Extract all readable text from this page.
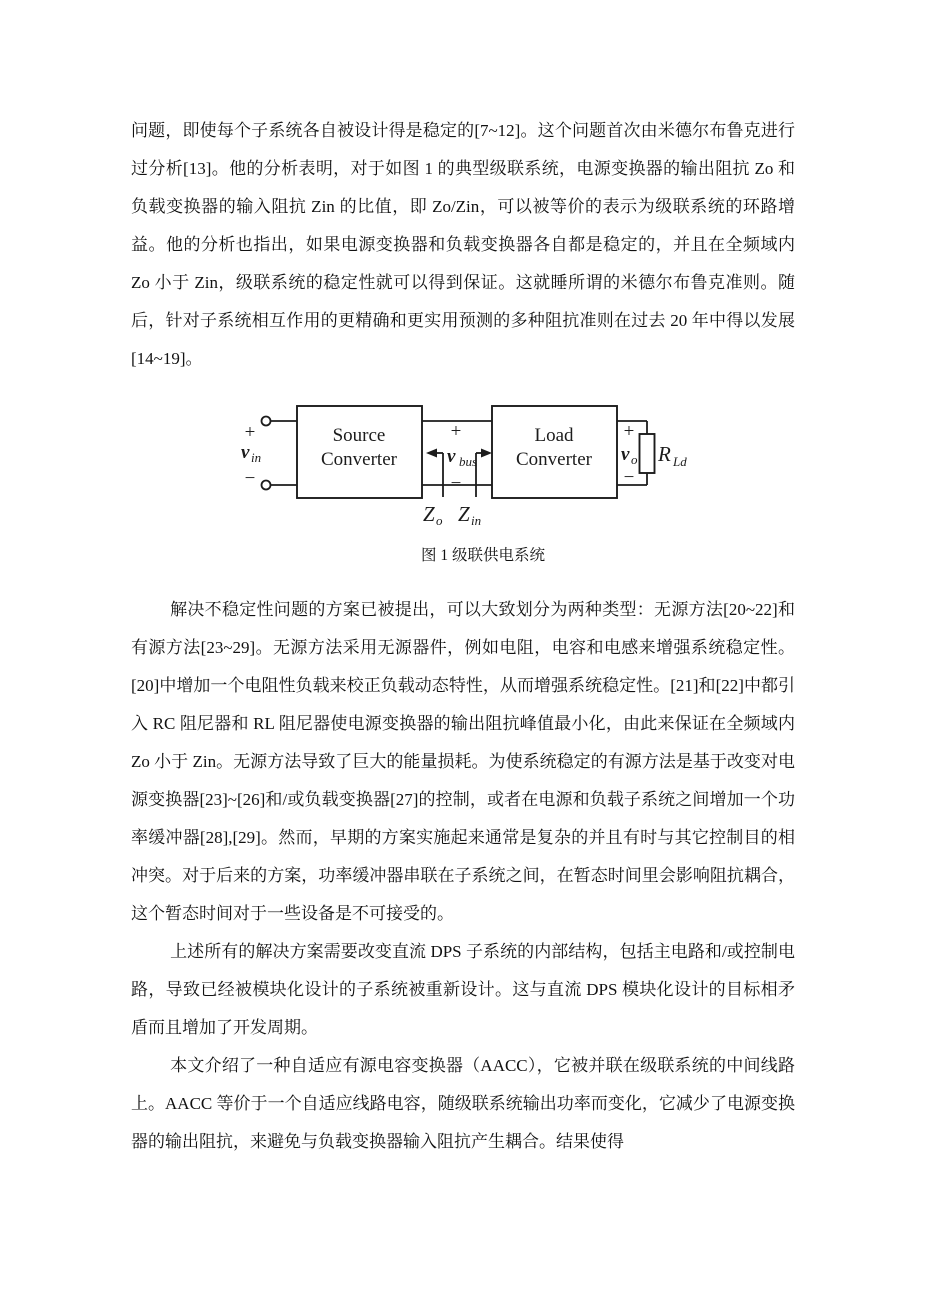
问题，即使每个子系统各自被设计得是稳定的[7~12]。这个问题首次由米德尔布鲁克进行过分析[13]。他的分析表明，对于如图 1 的典型级联系统，电源变换器的输出阻抗 Zo 和负载变换器的输入阻抗 Zin 的比值，即 Zo/Zin，可以被等价的表示为级联系统的环路增益。他的分析也指出，如果电源变换器和负载变换器各自都是稳定的，并且在全频域内 Zo 小于 Zin，级联系统的稳定性就可以得到保证。这就睡所谓的米德尔布鲁克准则。随后，针对子系统相互作用的更精确和更实用预测的多种阻抗准则在过去 20 年中得以发展[14~19]。

+
−
v in
Source
Converter
+
−
v bus
Z o Z in
Load
Converter
+
−
v o R Ld
图 1 级联供电系统

解决不稳定性问题的方案已被提出，可以大致划分为两种类型：无源方法[20~22]和有源方法[23~29]。无源方法采用无源器件，例如电阻，电容和电感来增强系统稳定性。[20]中增加一个电阻性负载来校正负载动态特性，从而增强系统稳定性。[21]和[22]中都引入 RC 阻尼器和 RL 阻尼器使电源变换器的输出阻抗峰值最小化，由此来保证在全频域内 Zo 小于 Zin。无源方法导致了巨大的能量损耗。为使系统稳定的有源方法是基于改变对电源变换器[23]~[26]和/或负载变换器[27]的控制，或者在电源和负载子系统之间增加一个功率缓冲器[28],[29]。然而，早期的方案实施起来通常是复杂的并且有时与其它控制目的相冲突。对于后来的方案，功率缓冲器串联在子系统之间，在暂态时间里会影响阻抗耦合，这个暂态时间对于一些设备是不可接受的。

上述所有的解决方案需要改变直流 DPS 子系统的内部结构，包括主电路和/或控制电路，导致已经被模块化设计的子系统被重新设计。这与直流 DPS 模块化设计的目标相矛盾而且增加了开发周期。

本文介绍了一种自适应有源电容变换器（AACC），它被并联在级联系统的中间线路上。AACC 等价于一个自适应线路电容，随级联系统输出功率而变化，它减少了电源变换器的输出阻抗，来避免与负载变换器输入阻抗产生耦合。结果使得
